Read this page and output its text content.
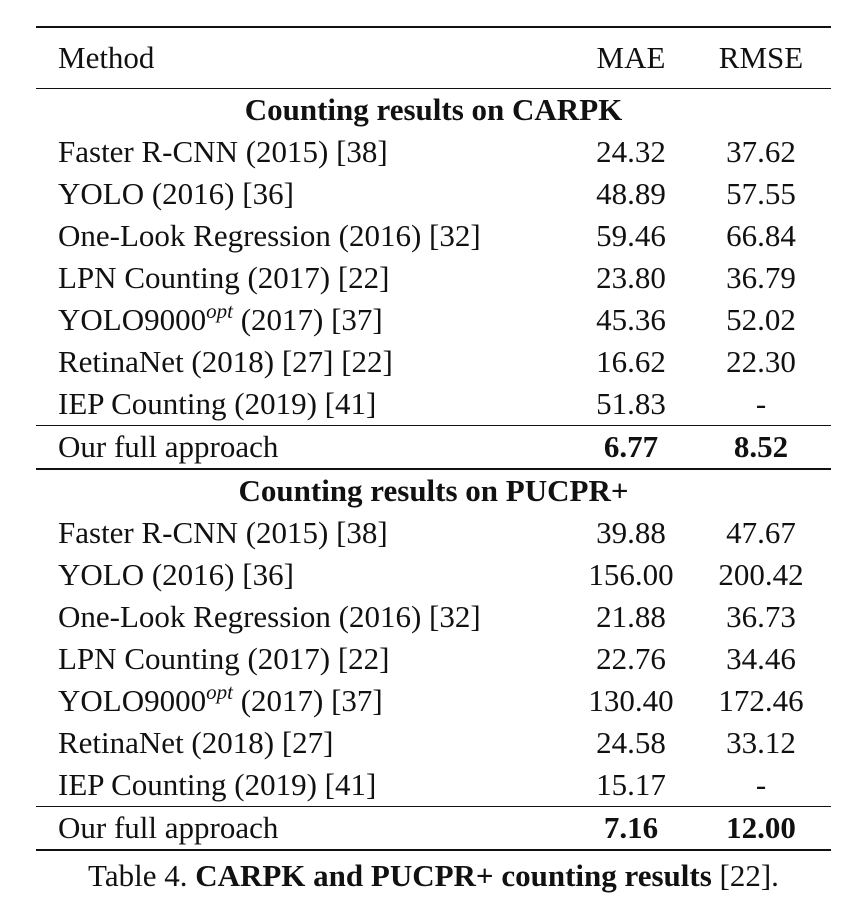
Method	MAE	RMSE
Counting results on CARPK		
Faster R-CNN (2015) [38]	24.32	37.62
YOLO (2016) [36]	48.89	57.55
One-Look Regression (2016) [32]	59.46	66.84
LPN Counting (2017) [22]	23.80	36.79
$YOLO9000^{opt}$ (2017) [37]	45.36	52.02
RetinaNet (2018) [27] [22]	16.62	22.30
IEP Counting (2019) [41]	51.83	-
Our full approach	6.77	8.52
Counting results on PUCPR+		
Faster R-CNN (2015) [38]	39.88	47.67
YOLO (2016) [36]	156.00	200.42
One-Look Regression (2016) [32]	21.88	36.73
LPN Counting (2017) [22]	22.76	34.46
$YOLO9000^{opt}$ (2017) [37]	130.40	172.46
RetinaNet (2018) [27]	24.58	33.12
IEP Counting (2019) [41]	15.17	-
Our full approach	7.16	12.00
Table 4. CARPK and PUCPR+ counting results [22].
